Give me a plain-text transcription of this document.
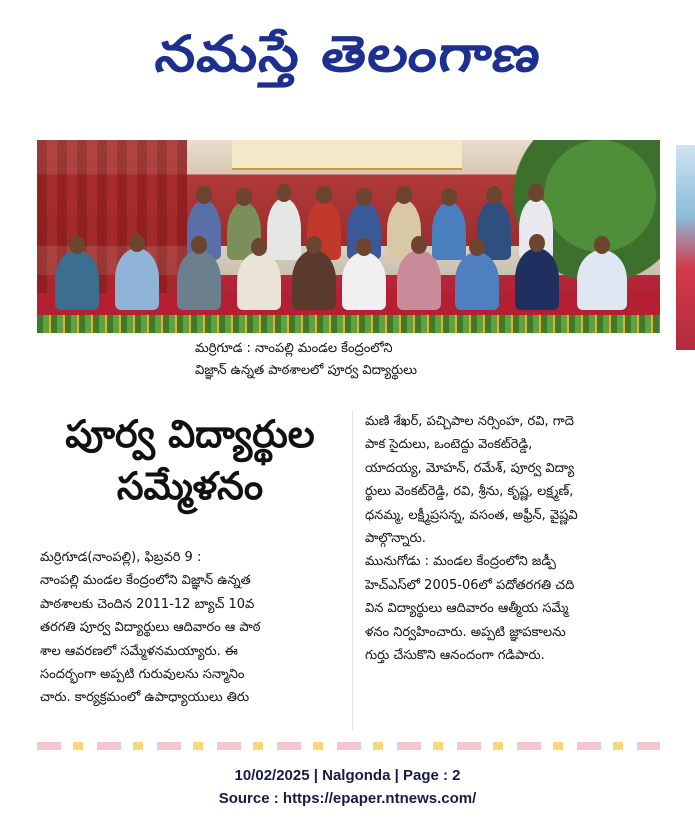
నమస్తే తెలంగాణ
మర్రిగూడ : నాంపల్లి మండల కేంద్రంలోని
విజ్ఞాన్ ఉన్నత పాఠశాలలో పూర్వ విద్యార్థులు
పూర్వ విద్యార్థుల
సమ్మేళనం
మర్రిగూడ(నాంపల్లి), ఫిబ్రవరి 9 :
నాంపల్లి మండల కేంద్రంలోని విజ్ఞాన్ ఉన్నత
పాఠశాలకు చెందిన 2011-12 బ్యాచ్ 10వ
తరగతి పూర్వ విద్యార్థులు ఆదివారం ఆ పాఠ
శాల ఆవరణలో సమ్మేళనమయ్యారు. ఈ
సందర్భంగా అప్పటి గురువులను సన్మానిం
చారు. కార్యక్రమంలో ఉపాధ్యాయులు తిరు
మణి శేఖర్, పచ్చిపాల నర్సింహ, రవి, గాదె
పాక సైదులు, ఒంటెద్దు వెంకట్‌రెడ్డి,
యాదయ్య, మోహన్, రమేశ్, పూర్వ విద్యా
ర్థులు వెంకట్‌రెడ్డి, రవి, శ్రీను, కృష్ణ, లక్ష్మణ్,
ధనమ్మ, లక్ష్మీప్రసన్న, వసంత, అఫ్రీన్, వైష్ణవి
పాల్గొన్నారు.
మునుగోడు : మండల కేంద్రంలోని జడ్పీ
హెచ్‌ఎస్‌లో 2005-06లో పదోతరగతి చది
విన విద్యార్థులు ఆదివారం ఆత్మీయ సమ్మే
ళనం నిర్వహించారు. అప్పటి జ్ఞాపకాలను
గుర్తు చేసుకొని ఆనందంగా గడిపారు.
10/02/2025 | Nalgonda | Page : 2
Source : https://epaper.ntnews.com/
